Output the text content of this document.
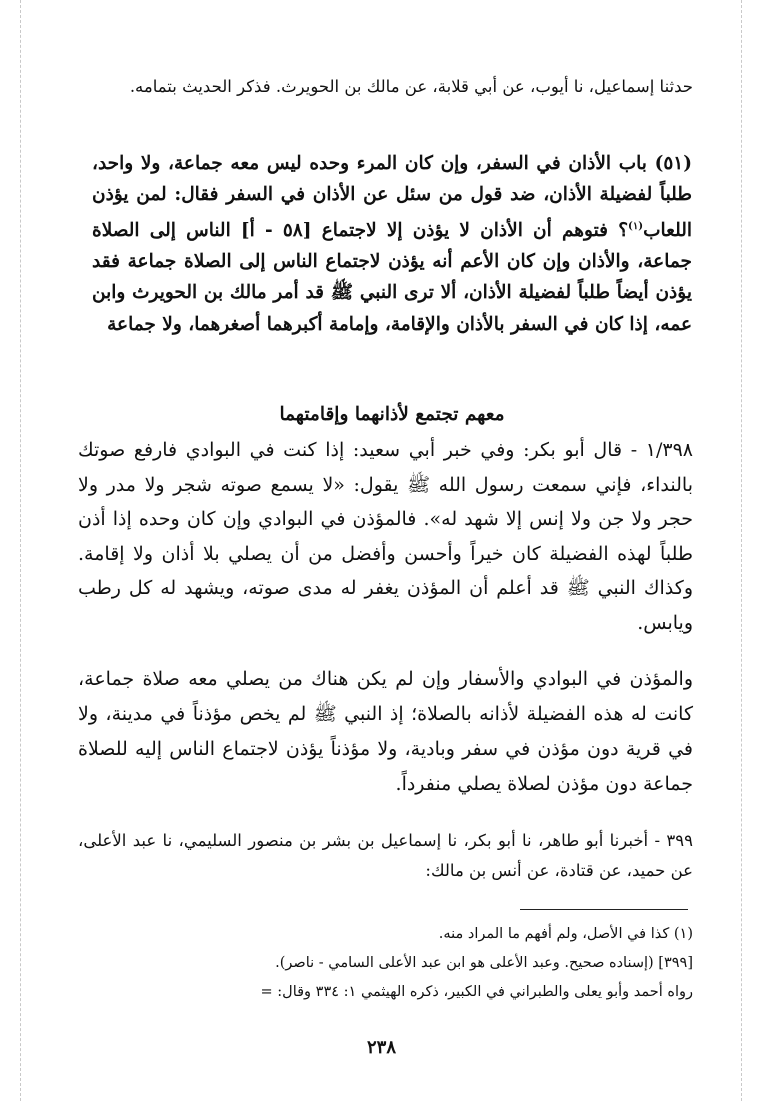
حدثنا إسماعيل، نا أيوب، عن أبي قلابة، عن مالك بن الحويرث. فذكر الحديث بتمامه.

(٥١) باب الأذان في السفر، وإن كان المرء وحده ليس معه جماعة، ولا واحد، طلباً لفضيلة الأذان، ضد قول من سئل عن الأذان في السفر فقال: لمن يؤذن اللعاب$^{(١)}$؟ فتوهم أن الأذان لا يؤذن إلا لاجتماع [٥٨ - أ] الناس إلى الصلاة جماعة، والأذان وإن كان الأعم أنه يؤذن لاجتماع الناس إلى الصلاة جماعة فقد يؤذن أيضاً طلباً لفضيلة الأذان، ألا ترى النبي ﷺ قد أمر مالك بن الحويرث وابن عمه، إذا كان في السفر بالأذان والإقامة، وإمامة أكبرهما أصغرهما، ولا جماعة

معهم تجتمع لأذانهما وإقامتهما

١/٣٩٨ - قال أبو بكر: وفي خبر أبي سعيد: إذا كنت في البوادي فارفع صوتك بالنداء، فإني سمعت رسول الله ﷺ يقول: «لا يسمع صوته شجر ولا مدر ولا حجر ولا جن ولا إنس إلا شهد له». فالمؤذن في البوادي وإن كان وحده إذا أذن طلباً لهذه الفضيلة كان خيراً وأحسن وأفضل من أن يصلي بلا أذان ولا إقامة. وكذاك النبي ﷺ قد أعلم أن المؤذن يغفر له مدى صوته، ويشهد له كل رطب ويابس.

والمؤذن في البوادي والأسفار وإن لم يكن هناك من يصلي معه صلاة جماعة، كانت له هذه الفضيلة لأذانه بالصلاة؛ إذ النبي ﷺ لم يخص مؤذناً في مدينة، ولا في قرية دون مؤذن في سفر وبادية، ولا مؤذناً يؤذن لاجتماع الناس إليه للصلاة جماعة دون مؤذن لصلاة يصلي منفرداً.

٣٩٩ - أخبرنا أبو طاهر، نا أبو بكر، نا إسماعيل بن بشر بن منصور السليمي، نا عبد الأعلى، عن حميد، عن قتادة، عن أنس بن مالك:

(١) كذا في الأصل، ولم أفهم ما المراد منه.

[٣٩٩] (إسناده صحيح. وعبد الأعلى هو ابن عبد الأعلى السامي - ناصر).

رواه أحمد وأبو يعلى والطبراني في الكبير، ذكره الهيثمي ١: ٣٣٤ وقال: =

٢٣٨
